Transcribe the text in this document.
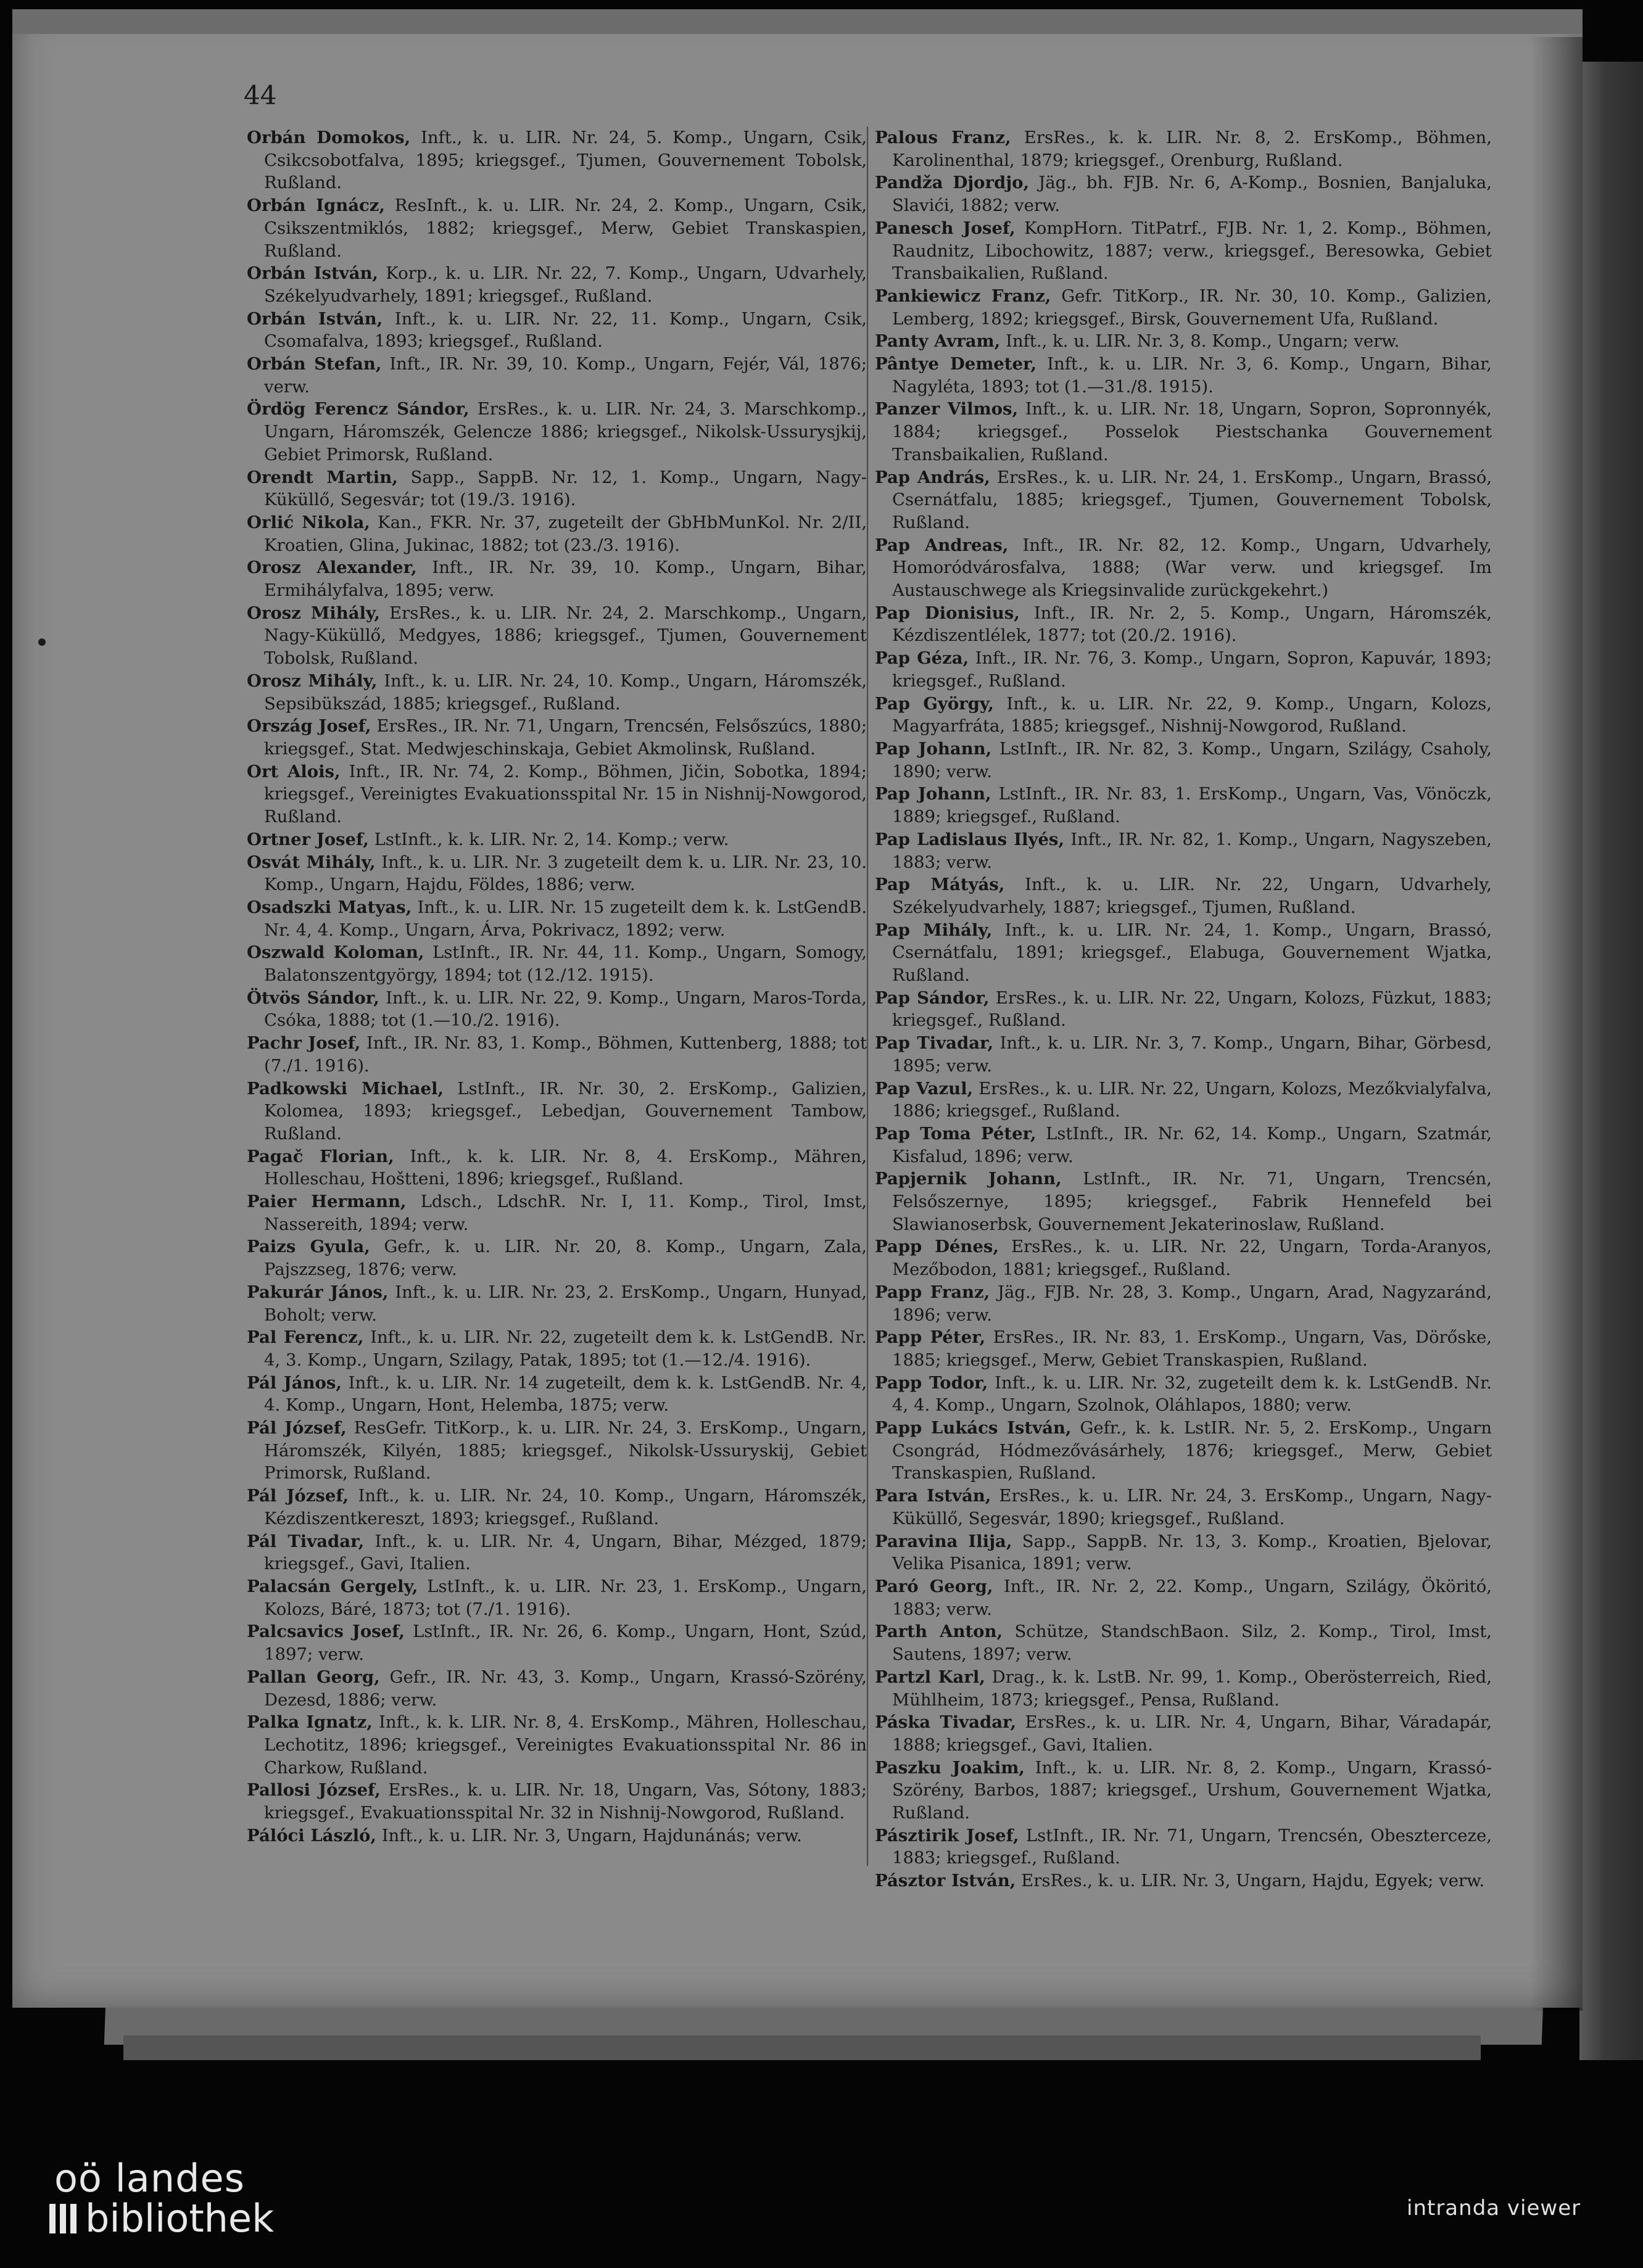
44

Orbán Domokos, Inft., k. u. LIR. Nr. 24, 5. Komp., Ungarn, Csik, Csikcsobotfalva, 1895; kriegsgef., Tjumen, Gouvernement Tobolsk, Rußland.

Orbán Ignácz, ResInft., k. u. LIR. Nr. 24, 2. Komp., Ungarn, Csik, Csikszentmiklós, 1882; kriegsgef., Merw, Gebiet Transkaspien, Rußland.

Orbán István, Korp., k. u. LIR. Nr. 22, 7. Komp., Ungarn, Udvarhely, Székelyudvarhely, 1891; kriegsgef., Rußland.

Orbán István, Inft., k. u. LIR. Nr. 22, 11. Komp., Ungarn, Csik, Csomafalva, 1893; kriegsgef., Rußland.

Orbán Stefan, Inft., IR. Nr. 39, 10. Komp., Ungarn, Fejér, Vál, 1876; verw.

Ördög Ferencz Sándor, ErsRes., k. u. LIR. Nr. 24, 3. Marschkomp., Ungarn, Háromszék, Gelencze 1886; kriegsgef., Nikolsk-Ussurysjkij, Gebiet Primorsk, Rußland.

Orendt Martin, Sapp., SappB. Nr. 12, 1. Komp., Ungarn, Nagy-Küküllő, Segesvár; tot (19./3. 1916).

Orlić Nikola, Kan., FKR. Nr. 37, zugeteilt der GbHbMunKol. Nr. 2/II, Kroatien, Glina, Jukinac, 1882; tot (23./3. 1916).

Orosz Alexander, Inft., IR. Nr. 39, 10. Komp., Ungarn, Bihar, Ermihályfalva, 1895; verw.

Orosz Mihály, ErsRes., k. u. LIR. Nr. 24, 2. Marschkomp., Ungarn, Nagy-Küküllő, Medgyes, 1886; kriegsgef., Tjumen, Gouvernement Tobolsk, Rußland.

Orosz Mihály, Inft., k. u. LIR. Nr. 24, 10. Komp., Ungarn, Háromszék, Sepsibükszád, 1885; kriegsgef., Rußland.

Ország Josef, ErsRes., IR. Nr. 71, Ungarn, Trencsén, Felsőszúcs, 1880; kriegsgef., Stat. Medwjeschinskaja, Gebiet Akmolinsk, Rußland.

Ort Alois, Inft., IR. Nr. 74, 2. Komp., Böhmen, Jičin, Sobotka, 1894; kriegsgef., Vereinigtes Evakuationsspital Nr. 15 in Nishnij-Nowgorod, Rußland.

Ortner Josef, LstInft., k. k. LIR. Nr. 2, 14. Komp.; verw.

Osvát Mihály, Inft., k. u. LIR. Nr. 3 zugeteilt dem k. u. LIR. Nr. 23, 10. Komp., Ungarn, Hajdu, Földes, 1886; verw.

Osadszki Matyas, Inft., k. u. LIR. Nr. 15 zugeteilt dem k. k. LstGendB. Nr. 4, 4. Komp., Ungarn, Árva, Pokrivacz, 1892; verw.

Oszwald Koloman, LstInft., IR. Nr. 44, 11. Komp., Ungarn, Somogy, Balatonszentgyörgy, 1894; tot (12./12. 1915).

Ötvös Sándor, Inft., k. u. LIR. Nr. 22, 9. Komp., Ungarn, Maros-Torda, Csóka, 1888; tot (1.—10./2. 1916).

Pachr Josef, Inft., IR. Nr. 83, 1. Komp., Böhmen, Kuttenberg, 1888; tot (7./1. 1916).

Padkowski Michael, LstInft., IR. Nr. 30, 2. ErsKomp., Galizien, Kolomea, 1893; kriegsgef., Lebedjan, Gouvernement Tambow, Rußland.

Pagač Florian, Inft., k. k. LIR. Nr. 8, 4. ErsKomp., Mähren, Holleschau, Hoštteni, 1896; kriegsgef., Rußland.

Paier Hermann, Ldsch., LdschR. Nr. I, 11. Komp., Tirol, Imst, Nassereith, 1894; verw.

Paizs Gyula, Gefr., k. u. LIR. Nr. 20, 8. Komp., Ungarn, Zala, Pajszzseg, 1876; verw.

Pakurár János, Inft., k. u. LIR. Nr. 23, 2. ErsKomp., Ungarn, Hunyad, Boholt; verw.

Pal Ferencz, Inft., k. u. LIR. Nr. 22, zugeteilt dem k. k. LstGendB. Nr. 4, 3. Komp., Ungarn, Szilagy, Patak, 1895; tot (1.—12./4. 1916).

Pál János, Inft., k. u. LIR. Nr. 14 zugeteilt, dem k. k. LstGendB. Nr. 4, 4. Komp., Ungarn, Hont, Helemba, 1875; verw.

Pál József, ResGefr. TitKorp., k. u. LIR. Nr. 24, 3. ErsKomp., Ungarn, Háromszék, Kilyén, 1885; kriegsgef., Nikolsk-Ussuryskij, Gebiet Primorsk, Rußland.

Pál József, Inft., k. u. LIR. Nr. 24, 10. Komp., Ungarn, Háromszék, Kézdiszentkereszt, 1893; kriegsgef., Rußland.

Pál Tivadar, Inft., k. u. LIR. Nr. 4, Ungarn, Bihar, Mézged, 1879; kriegsgef., Gavi, Italien.

Palacsán Gergely, LstInft., k. u. LIR. Nr. 23, 1. ErsKomp., Ungarn, Kolozs, Báré, 1873; tot (7./1. 1916).

Palcsavics Josef, LstInft., IR. Nr. 26, 6. Komp., Ungarn, Hont, Szúd, 1897; verw.

Pallan Georg, Gefr., IR. Nr. 43, 3. Komp., Ungarn, Krassó-Szörény, Dezesd, 1886; verw.

Palka Ignatz, Inft., k. k. LIR. Nr. 8, 4. ErsKomp., Mähren, Holleschau, Lechotitz, 1896; kriegsgef., Vereinigtes Evakuationsspital Nr. 86 in Charkow, Rußland.

Pallosi József, ErsRes., k. u. LIR. Nr. 18, Ungarn, Vas, Sótony, 1883; kriegsgef., Evakuationsspital Nr. 32 in Nishnij-Nowgorod, Rußland.

Pálóci László, Inft., k. u. LIR. Nr. 3, Ungarn, Hajdunánás; verw.

Palous Franz, ErsRes., k. k. LIR. Nr. 8, 2. ErsKomp., Böhmen, Karolinenthal, 1879; kriegsgef., Orenburg, Rußland.

Pandža Djordjo, Jäg., bh. FJB. Nr. 6, A-Komp., Bosnien, Banjaluka, Slavići, 1882; verw.

Panesch Josef, KompHorn. TitPatrf., FJB. Nr. 1, 2. Komp., Böhmen, Raudnitz, Libochowitz, 1887; verw., kriegsgef., Beresowka, Gebiet Transbaikalien, Rußland.

Pankiewicz Franz, Gefr. TitKorp., IR. Nr. 30, 10. Komp., Galizien, Lemberg, 1892; kriegsgef., Birsk, Gouvernement Ufa, Rußland.

Panty Avram, Inft., k. u. LIR. Nr. 3, 8. Komp., Ungarn; verw.

Pântye Demeter, Inft., k. u. LIR. Nr. 3, 6. Komp., Ungarn, Bihar, Nagyléta, 1893; tot (1.—31./8. 1915).

Panzer Vilmos, Inft., k. u. LIR. Nr. 18, Ungarn, Sopron, Sopronnyék, 1884; kriegsgef., Posselok Piestschanka Gouvernement Transbaikalien, Rußland.

Pap András, ErsRes., k. u. LIR. Nr. 24, 1. ErsKomp., Ungarn, Brassó, Csernátfalu, 1885; kriegsgef., Tjumen, Gouvernement Tobolsk, Rußland.

Pap Andreas, Inft., IR. Nr. 82, 12. Komp., Ungarn, Udvarhely, Homoródvárosfalva, 1888; (War verw. und kriegsgef. Im Austauschwege als Kriegsinvalide zurückgekehrt.)

Pap Dionisius, Inft., IR. Nr. 2, 5. Komp., Ungarn, Háromszék, Kézdiszentlélek, 1877; tot (20./2. 1916).

Pap Géza, Inft., IR. Nr. 76, 3. Komp., Ungarn, Sopron, Kapuvár, 1893; kriegsgef., Rußland.

Pap György, Inft., k. u. LIR. Nr. 22, 9. Komp., Ungarn, Kolozs, Magyarfráta, 1885; kriegsgef., Nishnij-Nowgorod, Rußland.

Pap Johann, LstInft., IR. Nr. 82, 3. Komp., Ungarn, Szilágy, Csaholy, 1890; verw.

Pap Johann, LstInft., IR. Nr. 83, 1. ErsKomp., Ungarn, Vas, Vönöczk, 1889; kriegsgef., Rußland.

Pap Ladislaus Ilyés, Inft., IR. Nr. 82, 1. Komp., Ungarn, Nagyszeben, 1883; verw.

Pap Mátyás, Inft., k. u. LIR. Nr. 22, Ungarn, Udvarhely, Székelyudvarhely, 1887; kriegsgef., Tjumen, Rußland.

Pap Mihály, Inft., k. u. LIR. Nr. 24, 1. Komp., Ungarn, Brassó, Csernátfalu, 1891; kriegsgef., Elabuga, Gouvernement Wjatka, Rußland.

Pap Sándor, ErsRes., k. u. LIR. Nr. 22, Ungarn, Kolozs, Füzkut, 1883; kriegsgef., Rußland.

Pap Tivadar, Inft., k. u. LIR. Nr. 3, 7. Komp., Ungarn, Bihar, Görbesd, 1895; verw.

Pap Vazul, ErsRes., k. u. LIR. Nr. 22, Ungarn, Kolozs, Mezőkvialyfalva, 1886; kriegsgef., Rußland.

Pap Toma Péter, LstInft., IR. Nr. 62, 14. Komp., Ungarn, Szatmár, Kisfalud, 1896; verw.

Papjernik Johann, LstInft., IR. Nr. 71, Ungarn, Trencsén, Felsőszernye, 1895; kriegsgef., Fabrik Hennefeld bei Slawianoserbsk, Gouvernement Jekaterinoslaw, Rußland.

Papp Dénes, ErsRes., k. u. LIR. Nr. 22, Ungarn, Torda-Aranyos, Mezőbodon, 1881; kriegsgef., Rußland.

Papp Franz, Jäg., FJB. Nr. 28, 3. Komp., Ungarn, Arad, Nagyzaránd, 1896; verw.

Papp Péter, ErsRes., IR. Nr. 83, 1. ErsKomp., Ungarn, Vas, Dörőske, 1885; kriegsgef., Merw, Gebiet Transkaspien, Rußland.

Papp Todor, Inft., k. u. LIR. Nr. 32, zugeteilt dem k. k. LstGendB. Nr. 4, 4. Komp., Ungarn, Szolnok, Oláhlapos, 1880; verw.

Papp Lukács István, Gefr., k. k. LstIR. Nr. 5, 2. ErsKomp., Ungarn Csongrád, Hódmezővásárhely, 1876; kriegsgef., Merw, Gebiet Transkaspien, Rußland.

Para István, ErsRes., k. u. LIR. Nr. 24, 3. ErsKomp., Ungarn, Nagy-Küküllő, Segesvár, 1890; kriegsgef., Rußland.

Paravina Ilija, Sapp., SappB. Nr. 13, 3. Komp., Kroatien, Bjelovar, Velika Pisanica, 1891; verw.

Paró Georg, Inft., IR. Nr. 2, 22. Komp., Ungarn, Szilágy, Ököritó, 1883; verw.

Parth Anton, Schütze, StandschBaon. Silz, 2. Komp., Tirol, Imst, Sautens, 1897; verw.

Partzl Karl, Drag., k. k. LstB. Nr. 99, 1. Komp., Oberösterreich, Ried, Mühlheim, 1873; kriegsgef., Pensa, Rußland.

Páska Tivadar, ErsRes., k. u. LIR. Nr. 4, Ungarn, Bihar, Váradapár, 1888; kriegsgef., Gavi, Italien.

Paszku Joakim, Inft., k. u. LIR. Nr. 8, 2. Komp., Ungarn, Krassó-Szörény, Barbos, 1887; kriegsgef., Urshum, Gouvernement Wjatka, Rußland.

Pásztirik Josef, LstInft., IR. Nr. 71, Ungarn, Trencsén, Obeszterceze, 1883; kriegsgef., Rußland.

Pásztor István, ErsRes., k. u. LIR. Nr. 3, Ungarn, Hajdu, Egyek; verw.

oö landes
bibliothek	intranda viewer
